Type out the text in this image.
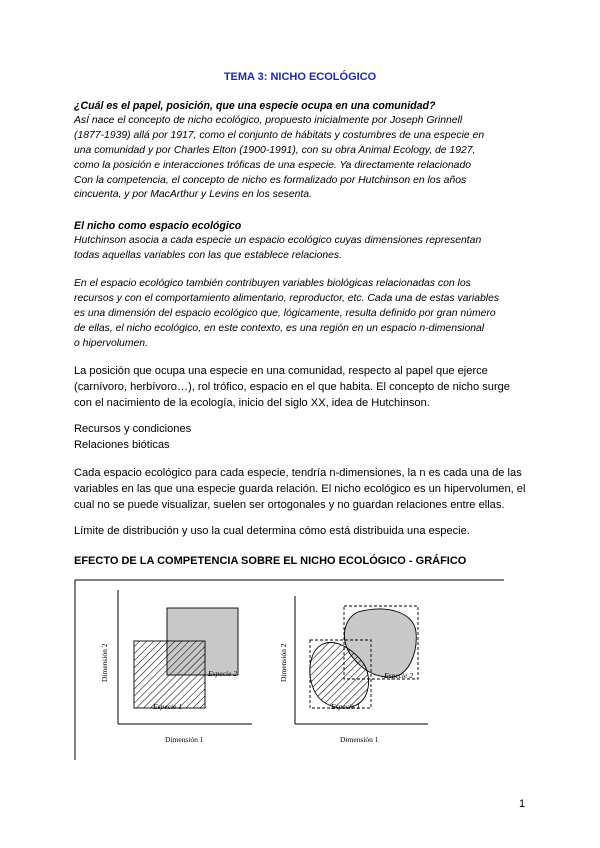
TEMA 3: NICHO ECOLÓGICO
¿Cuál es el papel, posición, que una especie ocupa en una comunidad?
AsÍ nace el concepto de nicho ecológico, propuesto inicialmente por Joseph Grinnell
(1877-1939) allá por 1917, como el conjunto de hábitats y costumbres de una especie en
una comunidad y por Charles Elton (1900-1991), con su obra Animal Ecology, de 1927,
como la posición e interacciones tróficas de una especie. Ya directamente relacionado
Con la competencia, el concepto de nicho es formalizado por Hutchinson en los años
cincuenta, y por MacArthur y Levins en los sesenta.
El nicho como espacio ecológico
Hutchinson asocia a cada especie un espacio ecológico cuyas dimensiones representan
todas aquellas variables con las que establece relaciones.
En el espacio ecológico también contribuyen variables biológicas relacionadas con los
recursos y con el comportamiento alimentario, reproductor, etc. Cada una de estas variables
es una dimensión del espacio ecológico que, lógicamente, resulta definido por gran número
de ellas, el nicho ecológico, en este contexto, es una región en un espacio n-dimensional
o hipervolumen.
La posición que ocupa una especie en una comunidad, respecto al papel que ejerce
(carnívoro, herbívoro…), rol trófico, espacio en el que habita. El concepto de nicho surge
con el nacimiento de la ecología, inicio del siglo XX, idea de Hutchinson.
Recursos y condiciones
Relaciones bióticas
Cada espacio ecológico para cada especie, tendría n-dimensiones, la n es cada una de las
variables en las que una especie guarda relación. El nicho ecológico es un hipervolumen, el
cual no se puede visualizar, suelen ser ortogonales y no guardan relaciones entre ellas.
Límite de distribución y uso la cual determina cómo está distribuida una especie.
EFECTO DE LA COMPETENCIA SOBRE EL NICHO ECOLÓGICO - GRÁFICO
Especie 2
Especie 1
Dimensión 2
Dimensión 1
Especie 2
Especie 1
Dimensión 2
Dimensión 1
1
